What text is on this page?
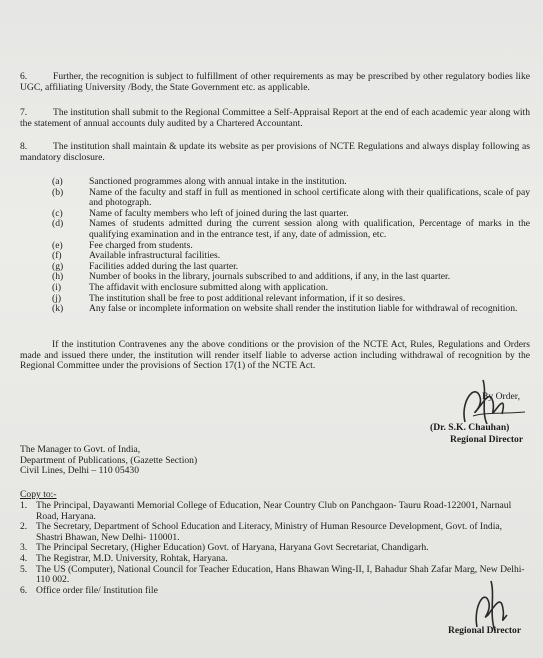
6.	Further, the recognition is subject to fulfillment of other requirements as may be prescribed by other regulatory bodies like UGC, affiliating University /Body, the State Government etc. as applicable.
7.	The institution shall submit to the Regional Committee a Self-Appraisal Report at the end of each academic year along with the statement of annual accounts duly audited by a Chartered Accountant.
8.	The institution shall maintain & update its website as per provisions of NCTE Regulations and always display following as mandatory disclosure.
(a)	Sanctioned programmes along with annual intake in the institution.
(b)	Name of the faculty and staff in full as mentioned in school certificate along with their qualifications, scale of pay and photograph.
(c)	Name of faculty members who left of joined during the last quarter.
(d)	Names of students admitted during the current session along with qualification, Percentage of marks in the qualifying examination and in the entrance test, if any, date of admission, etc.
(e)	Fee charged from students.
(f)	Available infrastructural facilities.
(g)	Facilities added during the last quarter.
(h)	Number of books in the library, journals subscribed to and additions, if any, in the last quarter.
(i)	The affidavit with enclosure submitted along with application.
(j)	The institution shall be free to post additional relevant information, if it so desires.
(k)	Any false or incomplete information on website shall render the institution liable for withdrawal of recognition.
If the institution Contravenes any the above conditions or the provision of the NCTE Act, Rules, Regulations and Orders made and issued there under, the institution will render itself liable to adverse action including withdrawal of recognition by the Regional Committee under the provisions of Section 17(1) of the NCTE Act.
By Order,
(Dr. S.K. Chauhan)
Regional Director
The Manager to Govt. of India,
Department of Publications, (Gazette Section)
Civil Lines, Delhi – 110 05430
Copy to:-
1. The Principal, Dayawanti Memorial College of Education, Near Country Club on Panchgaon- Tauru Road-122001, Narnaul Road, Haryana.
2. The Secretary, Department of School Education and Literacy, Ministry of Human Resource Development, Govt. of India, Shastri Bhawan, New Delhi- 110001.
3. The Principal Secretary, (Higher Education) Govt. of Haryana, Haryana Govt Secretariat, Chandigarh.
4. The Registrar, M.D. University, Rohtak, Haryana.
5. The US (Computer), National Council for Teacher Education, Hans Bhawan Wing-II, I, Bahadur Shah Zafar Marg, New Delhi- 110 002.
6. Office order file/ Institution file
Regional Director
